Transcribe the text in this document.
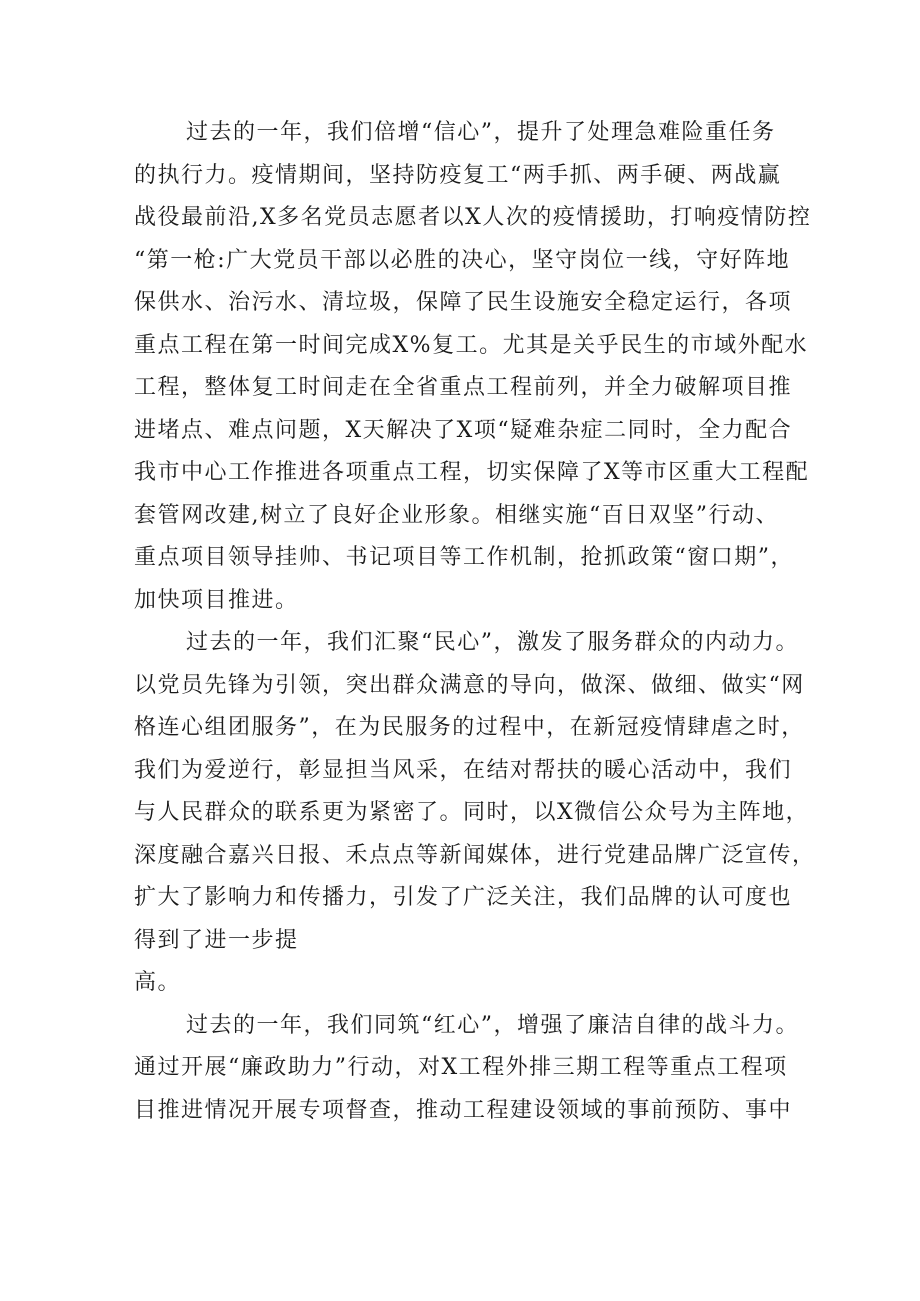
过去的一年，我们倍增“信心”，提升了处理急难险重任务
的执行力。疫情期间，坚持防疫复工“两手抓、两手硬、两战赢
战役最前沿,X多名党员志愿者以X人次的疫情援助，打响疫情防控
“第一枪:广大党员干部以必胜的决心，坚守岗位一线，守好阵地
保供水、治污水、清垃圾，保障了民生设施安全稳定运行，各项
重点工程在第一时间完成X%复工。尤其是关乎民生的市域外配水
工程，整体复工时间走在全省重点工程前列，并全力破解项目推
进堵点、难点问题，X天解决了X项“疑难杂症二同时，全力配合
我市中心工作推进各项重点工程，切实保障了X等市区重大工程配
套管网改建,树立了良好企业形象。相继实施“百日双坚”行动、
重点项目领导挂帅、书记项目等工作机制，抢抓政策“窗口期”，
加快项目推进。
过去的一年，我们汇聚“民心”，激发了服务群众的内动力。
以党员先锋为引领，突出群众满意的导向，做深、做细、做实“网
格连心组团服务”，在为民服务的过程中，在新冠疫情肆虐之时，
我们为爱逆行，彰显担当风采，在结对帮扶的暖心活动中，我们
与人民群众的联系更为紧密了。同时，以X微信公众号为主阵地，
深度融合嘉兴日报、禾点点等新闻媒体，进行党建品牌广泛宣传，
扩大了影响力和传播力，引发了广泛关注，我们品牌的认可度也
得到了进一步提
高。
过去的一年，我们同筑“红心”，增强了廉洁自律的战斗力。
通过开展“廉政助力”行动，对X工程外排三期工程等重点工程项
目推进情况开展专项督查，推动工程建设领域的事前预防、事中
